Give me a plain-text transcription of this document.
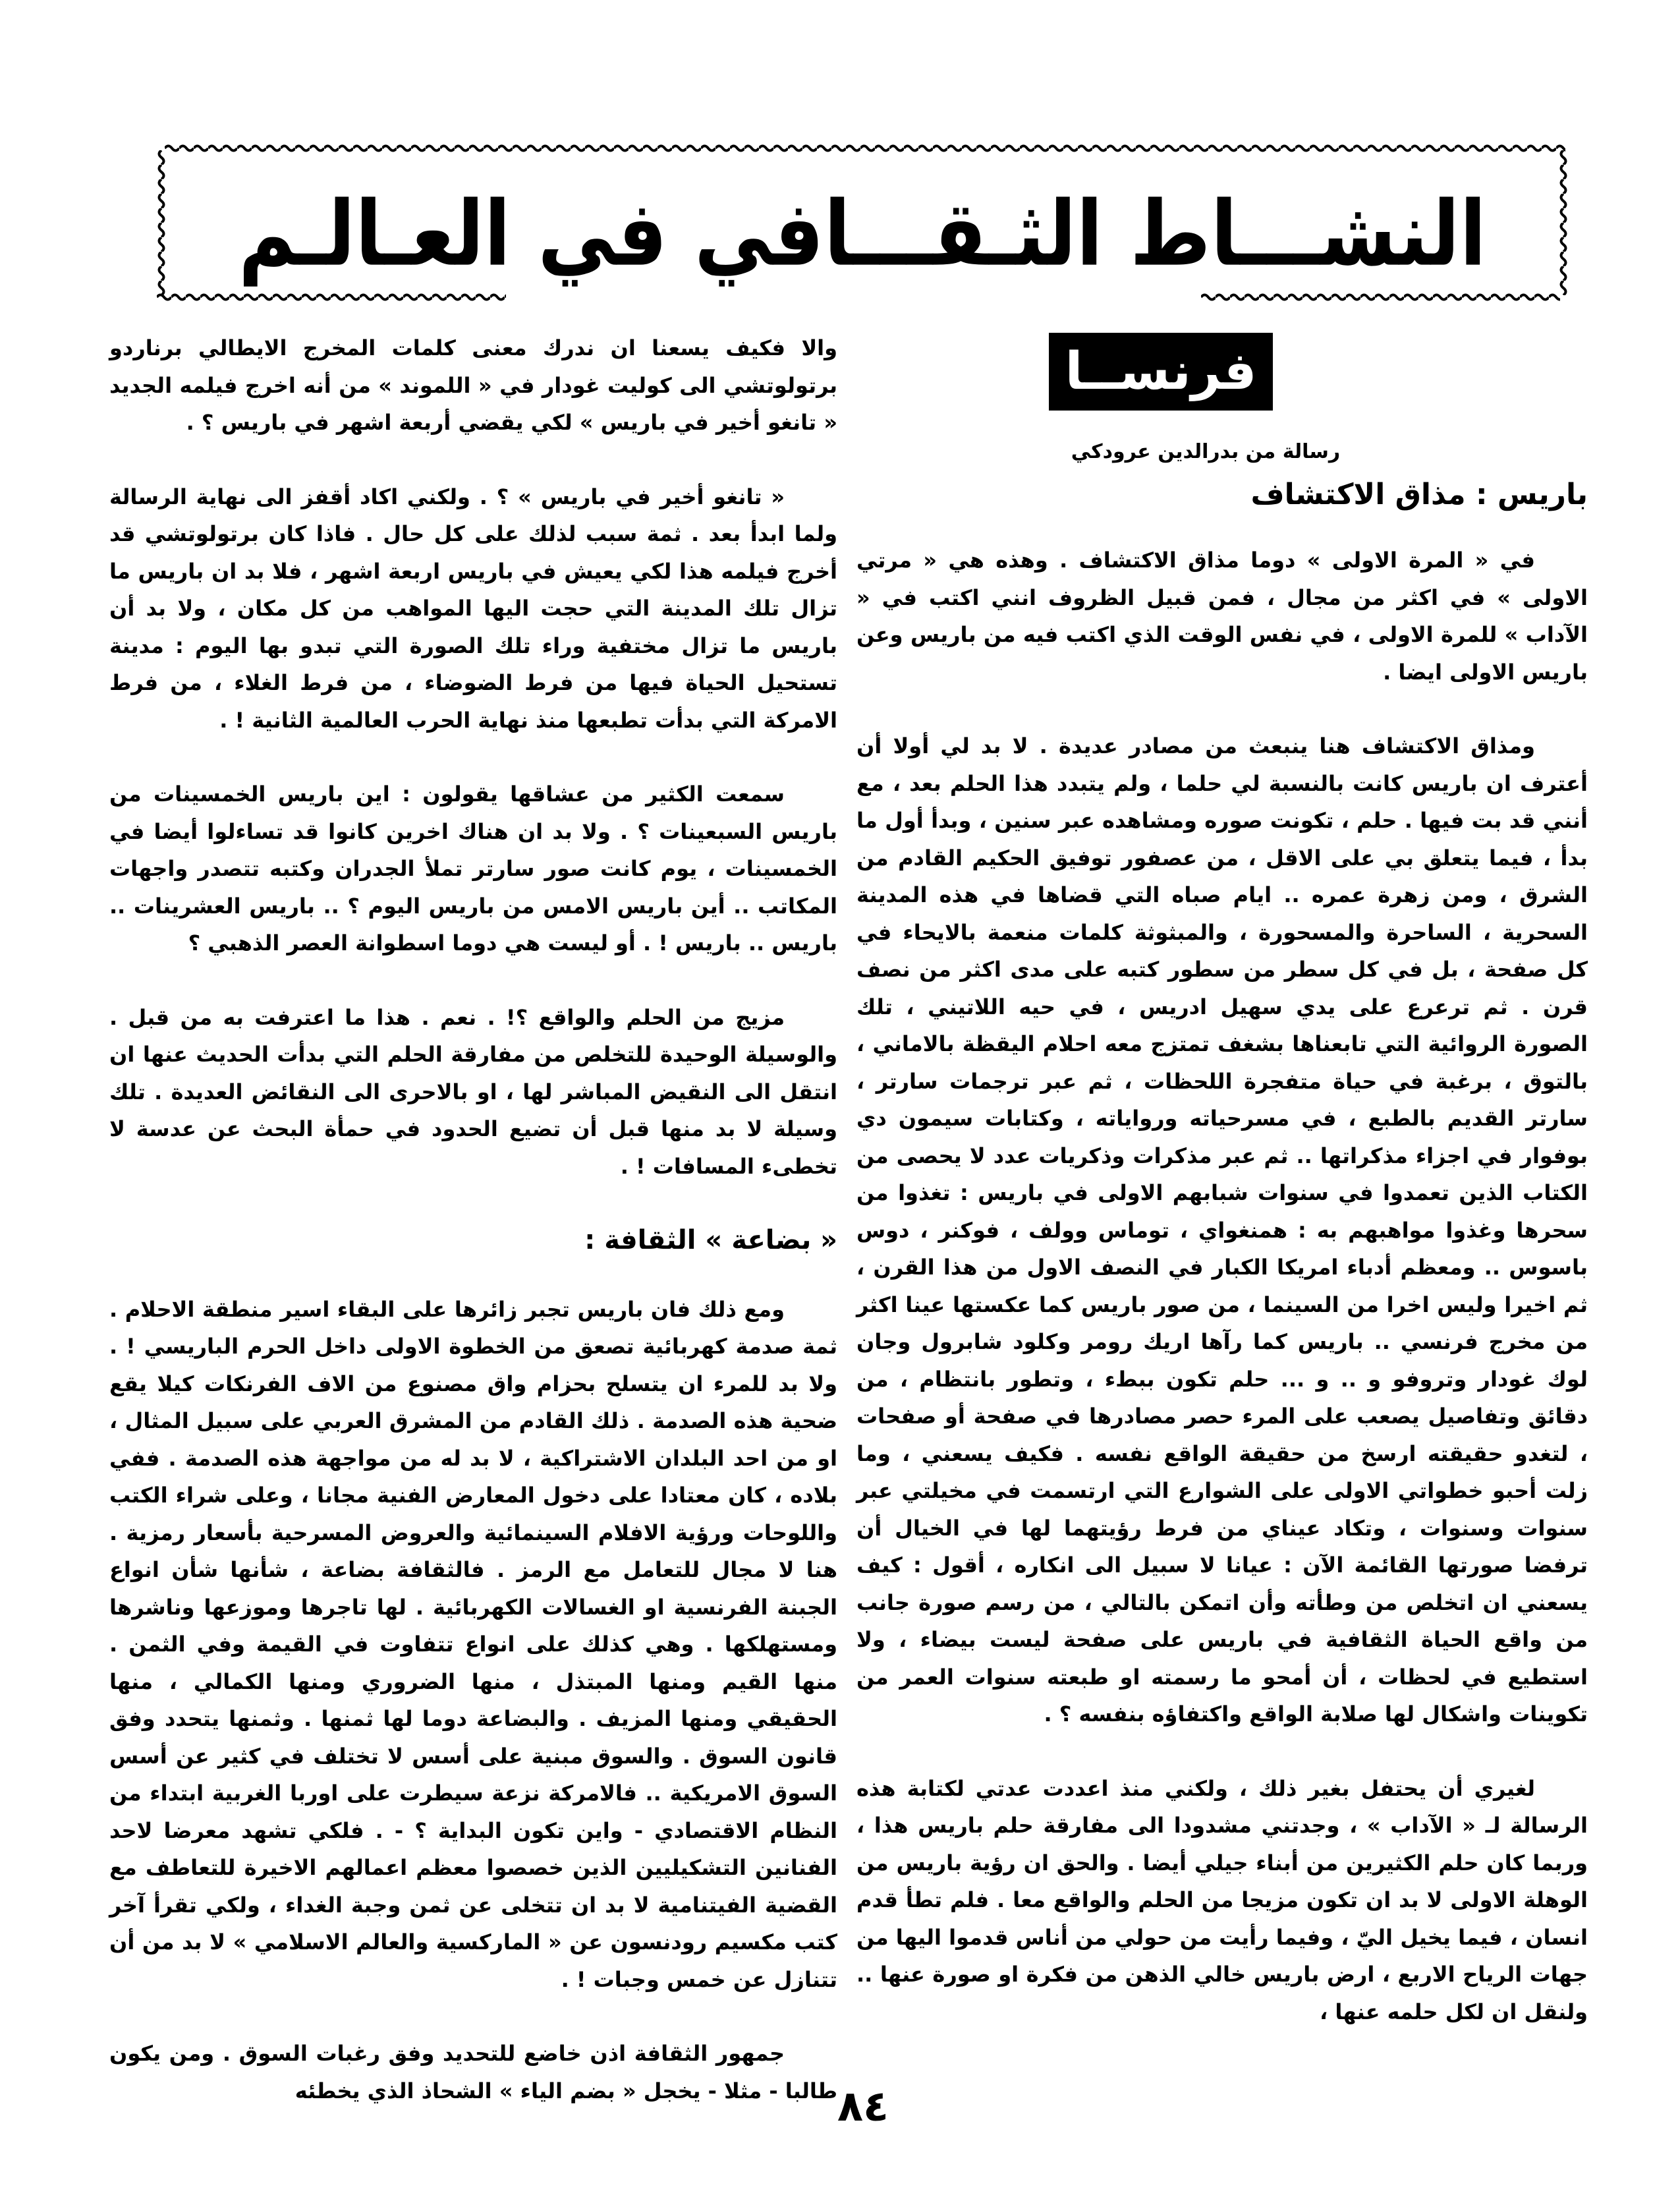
النشـــاط الثـقـــافي في العـالـم
فرنســا
رسالة من بدرالدين عرودكي
باريس : مذاق الاكتشاف

في « المرة الاولى » دوما مذاق الاكتشاف . وهذه هي « مرتي الاولى » في اكثر من مجال ، فمن قبيل الظروف انني اكتب في « الآداب » للمرة الاولى ، في نفس الوقت الذي اكتب فيه من باريس وعن باريس الاولى ايضا .

ومذاق الاكتشاف هنا ينبعث من مصادر عديدة . لا بد لي أولا أن أعترف ان باريس كانت بالنسبة لي حلما ، ولم يتبدد هذا الحلم بعد ، مع أنني قد بت فيها . حلم ، تكونت صوره ومشاهده عبر سنين ، وبدأ أول ما بدأ ، فيما يتعلق بي على الاقل ، من عصفور توفيق الحكيم القادم من الشرق ، ومن زهرة عمره .. ايام صباه التي قضاها في هذه المدينة السحرية ، الساحرة والمسحورة ، والمبثوثة كلمات منعمة بالايحاء في كل صفحة ، بل في كل سطر من سطور كتبه على مدى اكثر من نصف قرن . ثم ترعرع على يدي سهيل ادريس ، في حيه اللاتيني ، تلك الصورة الروائية التي تابعناها بشغف تمتزج معه احلام اليقظة بالاماني ، بالتوق ، برغبة في حياة متفجرة اللحظات ، ثم عبر ترجمات سارتر ، سارتر القديم بالطبع ، في مسرحياته ورواياته ، وكتابات سيمون دي بوفوار في اجزاء مذكراتها .. ثم عبر مذكرات وذكريات عدد لا يحصى من الكتاب الذين تعمدوا في سنوات شبابهم الاولى في باريس : تغذوا من سحرها وغذوا مواهبهم به : همنغواي ، توماس وولف ، فوكنر ، دوس باسوس .. ومعظم أدباء امريكا الكبار في النصف الاول من هذا القرن ، ثم اخيرا وليس اخرا من السينما ، من صور باريس كما عكستها عينا اكثر من مخرج فرنسي .. باريس كما رآها اريك رومر وكلود شابرول وجان لوك غودار وتروفو و .. و ... حلم تكون ببطء ، وتطور بانتظام ، من دقائق وتفاصيل يصعب على المرء حصر مصادرها في صفحة أو صفحات ، لتغدو حقيقته ارسخ من حقيقة الواقع نفسه . فكيف يسعني ، وما زلت أحبو خطواتي الاولى على الشوارع التي ارتسمت في مخيلتي عبر سنوات وسنوات ، وتكاد عيناي من فرط رؤيتهما لها في الخيال أن ترفضا صورتها القائمة الآن : عيانا لا سبيل الى انكاره ، أقول : كيف يسعني ان اتخلص من وطأته وأن اتمكن بالتالي ، من رسم صورة جانب من واقع الحياة الثقافية في باريس على صفحة ليست بيضاء ، ولا استطيع في لحظات ، أن أمحو ما رسمته او طبعته سنوات العمر من تكوينات واشكال لها صلابة الواقع واكتفاؤه بنفسه ؟ .

لغيري أن يحتفل بغير ذلك ، ولكني منذ اعددت عدتي لكتابة هذه الرسالة لـ « الآداب » ، وجدتني مشدودا الى مفارقة حلم باريس هذا ، وربما كان حلم الكثيرين من أبناء جيلي أيضا . والحق ان رؤية باريس من الوهلة الاولى لا بد ان تكون مزيجا من الحلم والواقع معا . فلم تطأ قدم انسان ، فيما يخيل اليّ ، وفيما رأيت من حولي من أناس قدموا اليها من جهات الرياح الاربع ، ارض باريس خالي الذهن من فكرة او صورة عنها .. ولنقل ان لكل حلمه عنها ،

والا فكيف يسعنا ان ندرك معنى كلمات المخرج الايطالي برناردو برتولوتشي الى كوليت غودار في « اللموند » من أنه اخرج فيلمه الجديد « تانغو أخير في باريس » لكي يقضي أربعة اشهر في باريس ؟ .

« تانغو أخير في باريس » ؟ . ولكني اكاد أقفز الى نهاية الرسالة ولما ابدأ بعد . ثمة سبب لذلك على كل حال . فاذا كان برتولوتشي قد أخرج فيلمه هذا لكي يعيش في باريس اربعة اشهر ، فلا بد ان باريس ما تزال تلك المدينة التي حجت اليها المواهب من كل مكان ، ولا بد أن باريس ما تزال مختفية وراء تلك الصورة التي تبدو بها اليوم : مدينة تستحيل الحياة فيها من فرط الضوضاء ، من فرط الغلاء ، من فرط الامركة التي بدأت تطبعها منذ نهاية الحرب العالمية الثانية ! .

سمعت الكثير من عشاقها يقولون : اين باريس الخمسينات من باريس السبعينات ؟ . ولا بد ان هناك اخرين كانوا قد تساءلوا أيضا في الخمسينات ، يوم كانت صور سارتر تملأ الجدران وكتبه تتصدر واجهات المكاتب .. أين باريس الامس من باريس اليوم ؟ .. باريس العشرينات .. باريس .. باريس ! . أو ليست هي دوما اسطوانة العصر الذهبي ؟

مزيج من الحلم والواقع ؟! . نعم . هذا ما اعترفت به من قبل . والوسيلة الوحيدة للتخلص من مفارقة الحلم التي بدأت الحديث عنها ان انتقل الى النقيض المباشر لها ، او بالاحرى الى النقائض العديدة . تلك وسيلة لا بد منها قبل أن تضيع الحدود في حمأة البحث عن عدسة لا تخطىء المسافات ! .

« بضاعة » الثقافة :

ومع ذلك فان باريس تجبر زائرها على البقاء اسير منطقة الاحلام . ثمة صدمة كهربائية تصعق من الخطوة الاولى داخل الحرم الباريسي ! . ولا بد للمرء ان يتسلح بحزام واق مصنوع من الاف الفرنكات كيلا يقع ضحية هذه الصدمة . ذلك القادم من المشرق العربي على سبيل المثال ، او من احد البلدان الاشتراكية ، لا بد له من مواجهة هذه الصدمة . ففي بلاده ، كان معتادا على دخول المعارض الفنية مجانا ، وعلى شراء الكتب واللوحات ورؤية الافلام السينمائية والعروض المسرحية بأسعار رمزية . هنا لا مجال للتعامل مع الرمز . فالثقافة بضاعة ، شأنها شأن انواع الجبنة الفرنسية او الغسالات الكهربائية . لها تاجرها وموزعها وناشرها ومستهلكها . وهي كذلك على انواع تتفاوت في القيمة وفي الثمن . منها القيم ومنها المبتذل ، منها الضروري ومنها الكمالي ، منها الحقيقي ومنها المزيف . والبضاعة دوما لها ثمنها . وثمنها يتحدد وفق قانون السوق . والسوق مبنية على أسس لا تختلف في كثير عن أسس السوق الامريكية .. فالامركة نزعة سيطرت على اوربا الغربية ابتداء من النظام الاقتصادي - واين تكون البداية ؟ - . فلكي تشهد معرضا لاحد الفنانين التشكيليين الذين خصصوا معظم اعمالهم الاخيرة للتعاطف مع القضية الفيتنامية لا بد ان تتخلى عن ثمن وجبة الغداء ، ولكي تقرأ آخر كتب مكسيم رودنسون عن « الماركسية والعالم الاسلامي » لا بد من أن تتنازل عن خمس وجبات ! .

جمهور الثقافة اذن خاضع للتحديد وفق رغبات السوق . ومن يكون طالبا - مثلا - يخجل « بضم الياء » الشحاذ الذي يخطئه ٨٤
